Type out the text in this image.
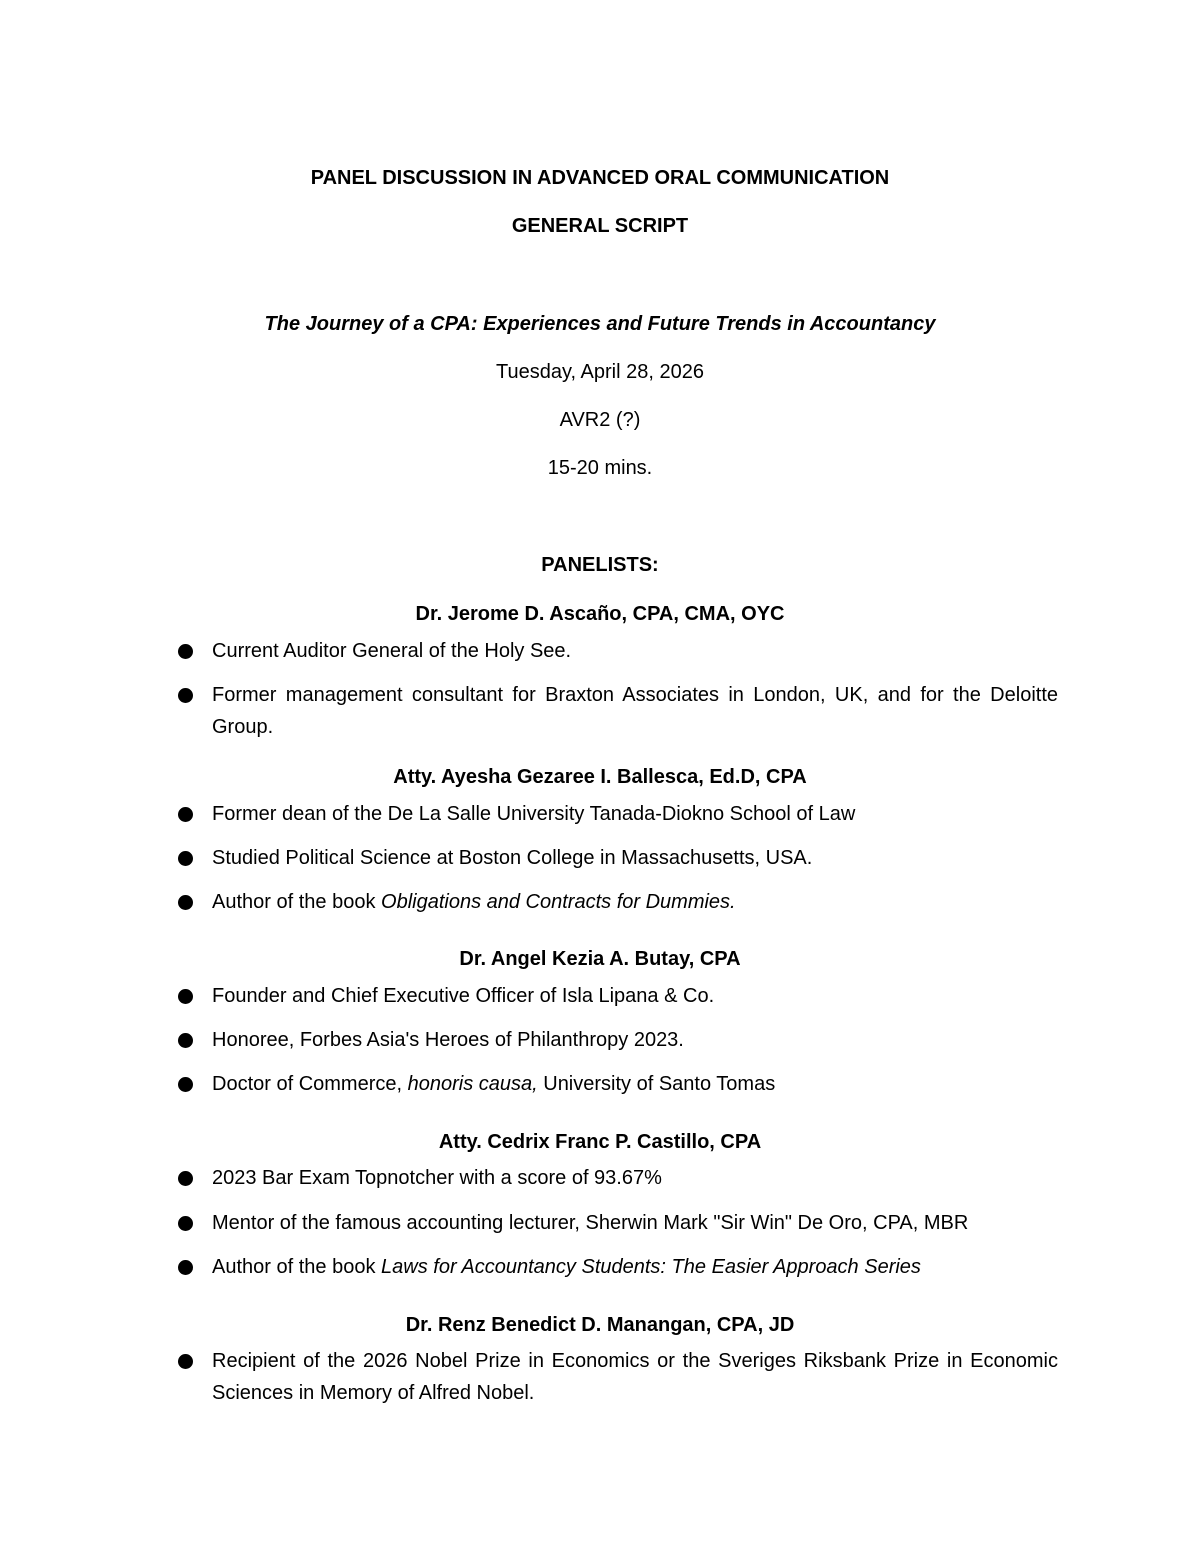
PANEL DISCUSSION IN ADVANCED ORAL COMMUNICATION
GENERAL SCRIPT
The Journey of a CPA: Experiences and Future Trends in Accountancy
Tuesday, April 28, 2026
AVR2 (?)
15-20 mins.
PANELISTS:
Dr. Jerome D. Ascaño, CPA, CMA, OYC
Current Auditor General of the Holy See.
Former management consultant for Braxton Associates in London, UK, and for the Deloitte Group.
Atty. Ayesha Gezaree I. Ballesca, Ed.D, CPA
Former dean of the De La Salle University Tanada-Diokno School of Law
Studied Political Science at Boston College in Massachusetts, USA.
Author of the book Obligations and Contracts for Dummies.
Dr. Angel Kezia A. Butay, CPA
Founder and Chief Executive Officer of Isla Lipana & Co.
Honoree, Forbes Asia's Heroes of Philanthropy 2023.
Doctor of Commerce, honoris causa, University of Santo Tomas
Atty. Cedrix Franc P. Castillo, CPA
2023 Bar Exam Topnotcher with a score of 93.67%
Mentor of the famous accounting lecturer, Sherwin Mark "Sir Win" De Oro, CPA, MBR
Author of the book Laws for Accountancy Students: The Easier Approach Series
Dr. Renz Benedict D. Manangan, CPA, JD
Recipient of the 2026 Nobel Prize in Economics or the Sveriges Riksbank Prize in Economic Sciences in Memory of Alfred Nobel.
